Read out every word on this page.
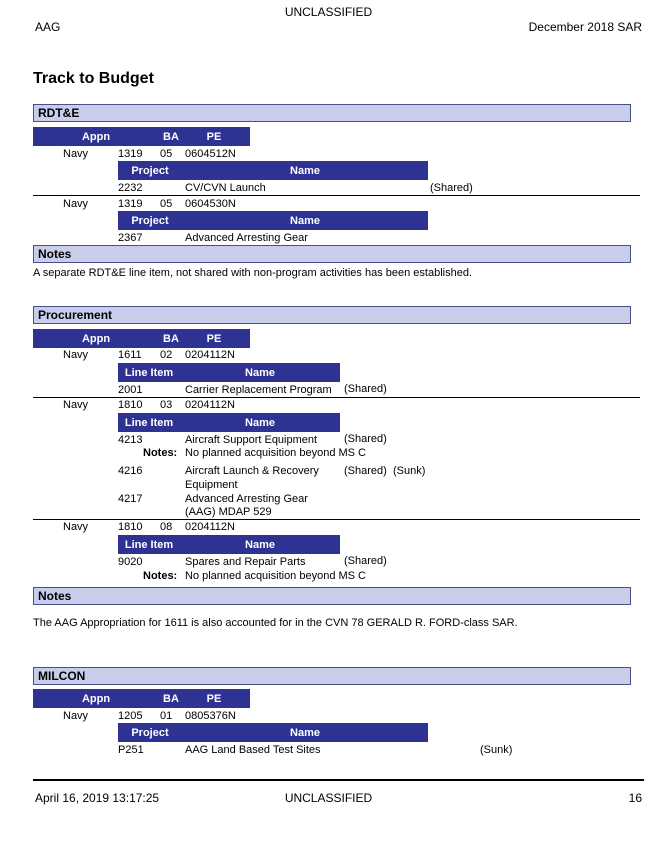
UNCLASSIFIED
AAG	December 2018 SAR
Track to Budget
RDT&E
Appn	BA	PE
Navy	1319 05 0604512N
Project	Name
2232	CV/CVN Launch	(Shared)
Navy	1319 05 0604530N
Project	Name
2367	Advanced Arresting Gear
Notes
A separate RDT&E line item, not shared with non-program activities has been established.
Procurement
Appn	BA	PE
Navy	1611 02 0204112N
Line Item	Name
2001	Carrier Replacement Program (Shared)
Navy	1810 03 0204112N
Line Item	Name
4213	Aircraft Support Equipment (Shared)
Notes: No planned acquisition beyond MS C
4216	Aircraft Launch & Recovery
Equipment
(Shared) (Sunk)
4217	Advanced Arresting Gear
(AAG) MDAP 529
Navy	1810 08 0204112N
Line Item	Name
9020	Spares and Repair Parts	(Shared)
Notes: No planned acquisition beyond MS C
Notes
The AAG Appropriation for 1611 is also accounted for in the CVN 78 GERALD R. FORD-class SAR.
MILCON
Appn	BA	PE
Navy	1205 01 0805376N
Project	Name
P251	AAG Land Based Test Sites	(Sunk)
April 16, 2019 13:17:25	UNCLASSIFIED	16
